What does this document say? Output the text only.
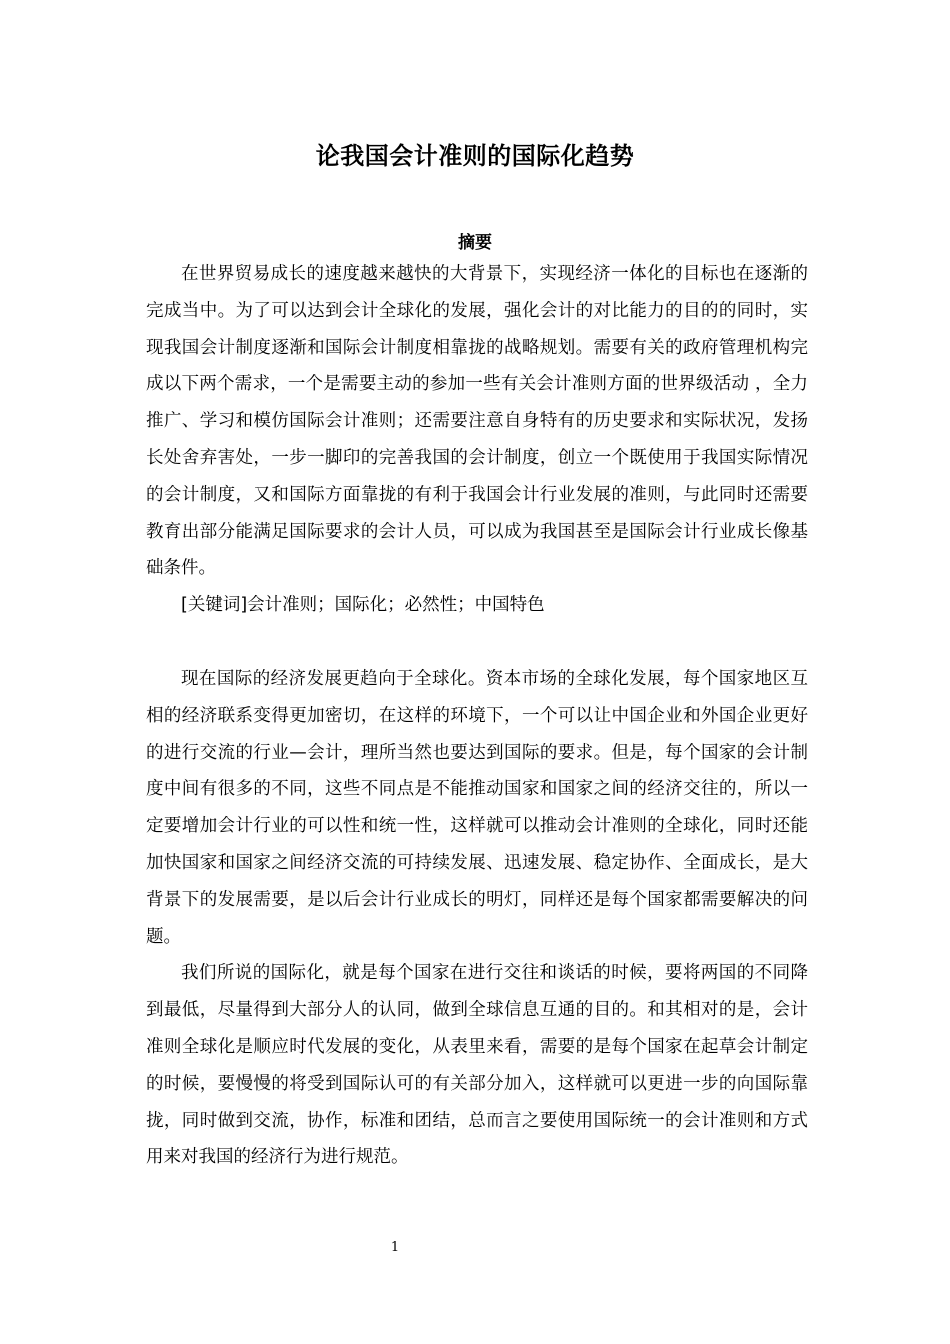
论我国会计准则的国际化趋势
摘要

在世界贸易成长的速度越来越快的大背景下，实现经济一体化的目标也在逐渐的完成当中。为了可以达到会计全球化的发展，强化会计的对比能力的目的的同时，实现我国会计制度逐渐和国际会计制度相靠拢的战略规划。需要有关的政府管理机构完成以下两个需求，一个是需要主动的参加一些有关会计准则方面的世界级活动 ，全力推广、学习和模仿国际会计准则；还需要注意自身特有的历史要求和实际状况，发扬长处舍弃害处，一步一脚印的完善我国的会计制度，创立一个既使用于我国实际情况的会计制度，又和国际方面靠拢的有利于我国会计行业发展的准则，与此同时还需要教育出部分能满足国际要求的会计人员，可以成为我国甚至是国际会计行业成长像基础条件。

[关键词]会计准则；国际化；必然性；中国特色

现在国际的经济发展更趋向于全球化。资本市场的全球化发展，每个国家地区互相的经济联系变得更加密切，在这样的环境下，一个可以让中国企业和外国企业更好的进行交流的行业—会计，理所当然也要达到国际的要求。但是，每个国家的会计制度中间有很多的不同，这些不同点是不能推动国家和国家之间的经济交往的，所以一定要增加会计行业的可以性和统一性，这样就可以推动会计准则的全球化，同时还能加快国家和国家之间经济交流的可持续发展、迅速发展、稳定协作、全面成长，是大背景下的发展需要，是以后会计行业成长的明灯，同样还是每个国家都需要解决的问题。

我们所说的国际化，就是每个国家在进行交往和谈话的时候，要将两国的不同降到最低，尽量得到大部分人的认同，做到全球信息互通的目的。和其相对的是，会计准则全球化是顺应时代发展的变化，从表里来看，需要的是每个国家在起草会计制定的时候，要慢慢的将受到国际认可的有关部分加入，这样就可以更进一步的向国际靠拢，同时做到交流，协作，标准和团结，总而言之要使用国际统一的会计准则和方式用来对我国的经济行为进行规范。

1
